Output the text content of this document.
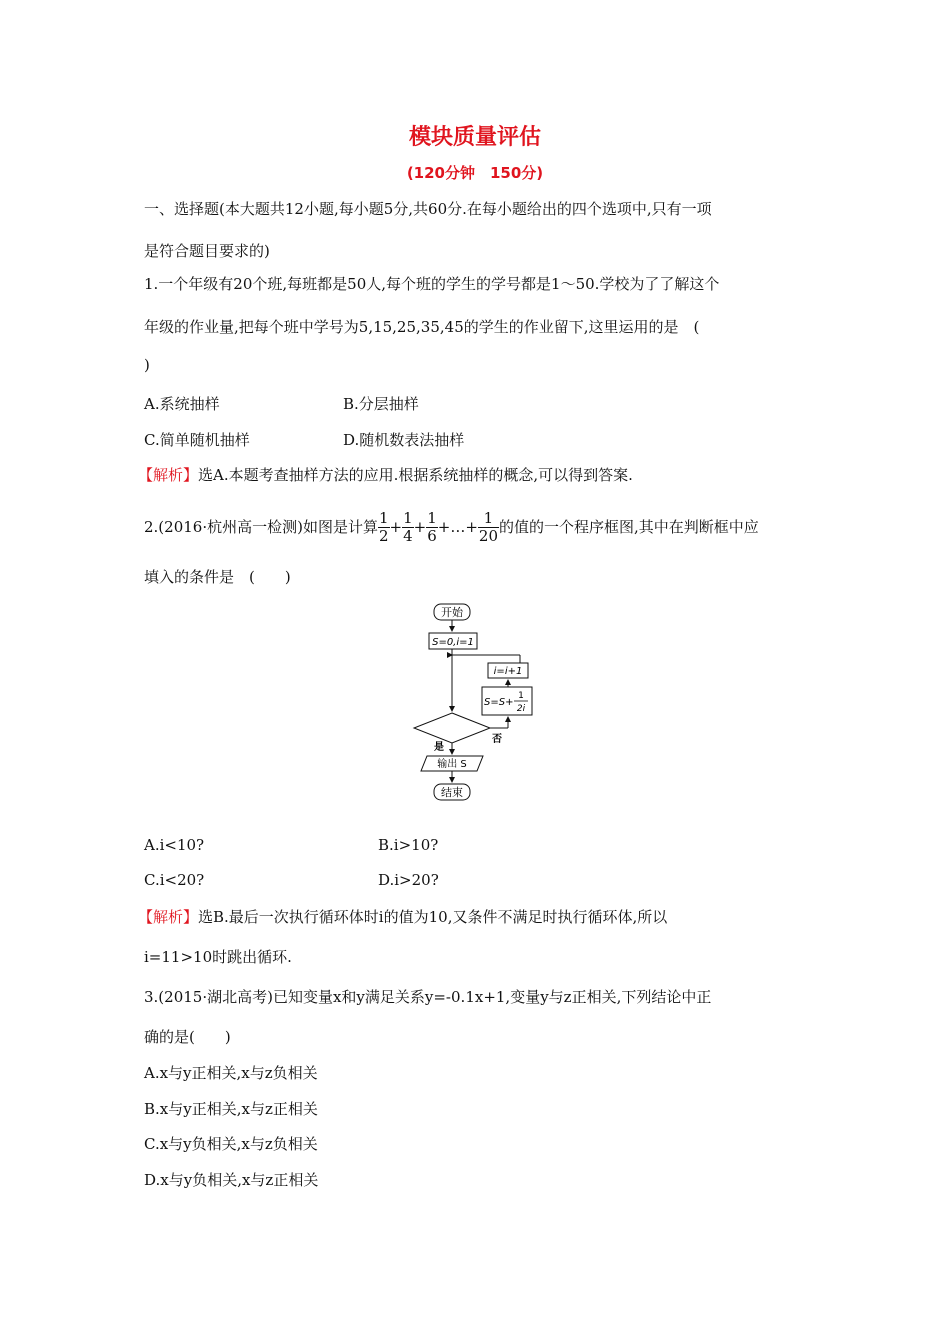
模块质量评估
(120分钟　150分)
一、选择题(本大题共12小题,每小题5分,共60分.在每小题给出的四个选项中,只有一项
是符合题目要求的)
1.一个年级有20个班,每班都是50人,每个班的学生的学号都是1～50.学校为了了解这个
年级的作业量,把每个班中学号为5,15,25,35,45的学生的作业留下,这里运用的是　(
)
A.系统抽样	B.分层抽样
C.简单随机抽样	D.随机数表法抽样
【解析】选A.本题考查抽样方法的应用.根据系统抽样的概念,可以得到答案.
2.(2016·杭州高一检测)如图是计算 $\frac{1}{2} + \frac{1}{4} + \frac{1}{6}$ +…+ $\frac{1}{20}$ 的值的一个程序框图,其中在判断框中应
填入的条件是　(　　)
开始
S=0,i=1
i=i+1
S=S+
1
2i
否
是
输出 S
结束
A.i<10?	B.i>10?
C.i<20?	D.i>20?
【解析】选B.最后一次执行循环体时i的值为10,又条件不满足时执行循环体,所以
i=11>10时跳出循环.
3.(2015·湖北高考)已知变量x和y满足关系y=-0.1x+1,变量y与z正相关,下列结论中正
确的是(　　)
A.x与y正相关,x与z负相关
B.x与y正相关,x与z正相关
C.x与y负相关,x与z负相关
D.x与y负相关,x与z正相关
